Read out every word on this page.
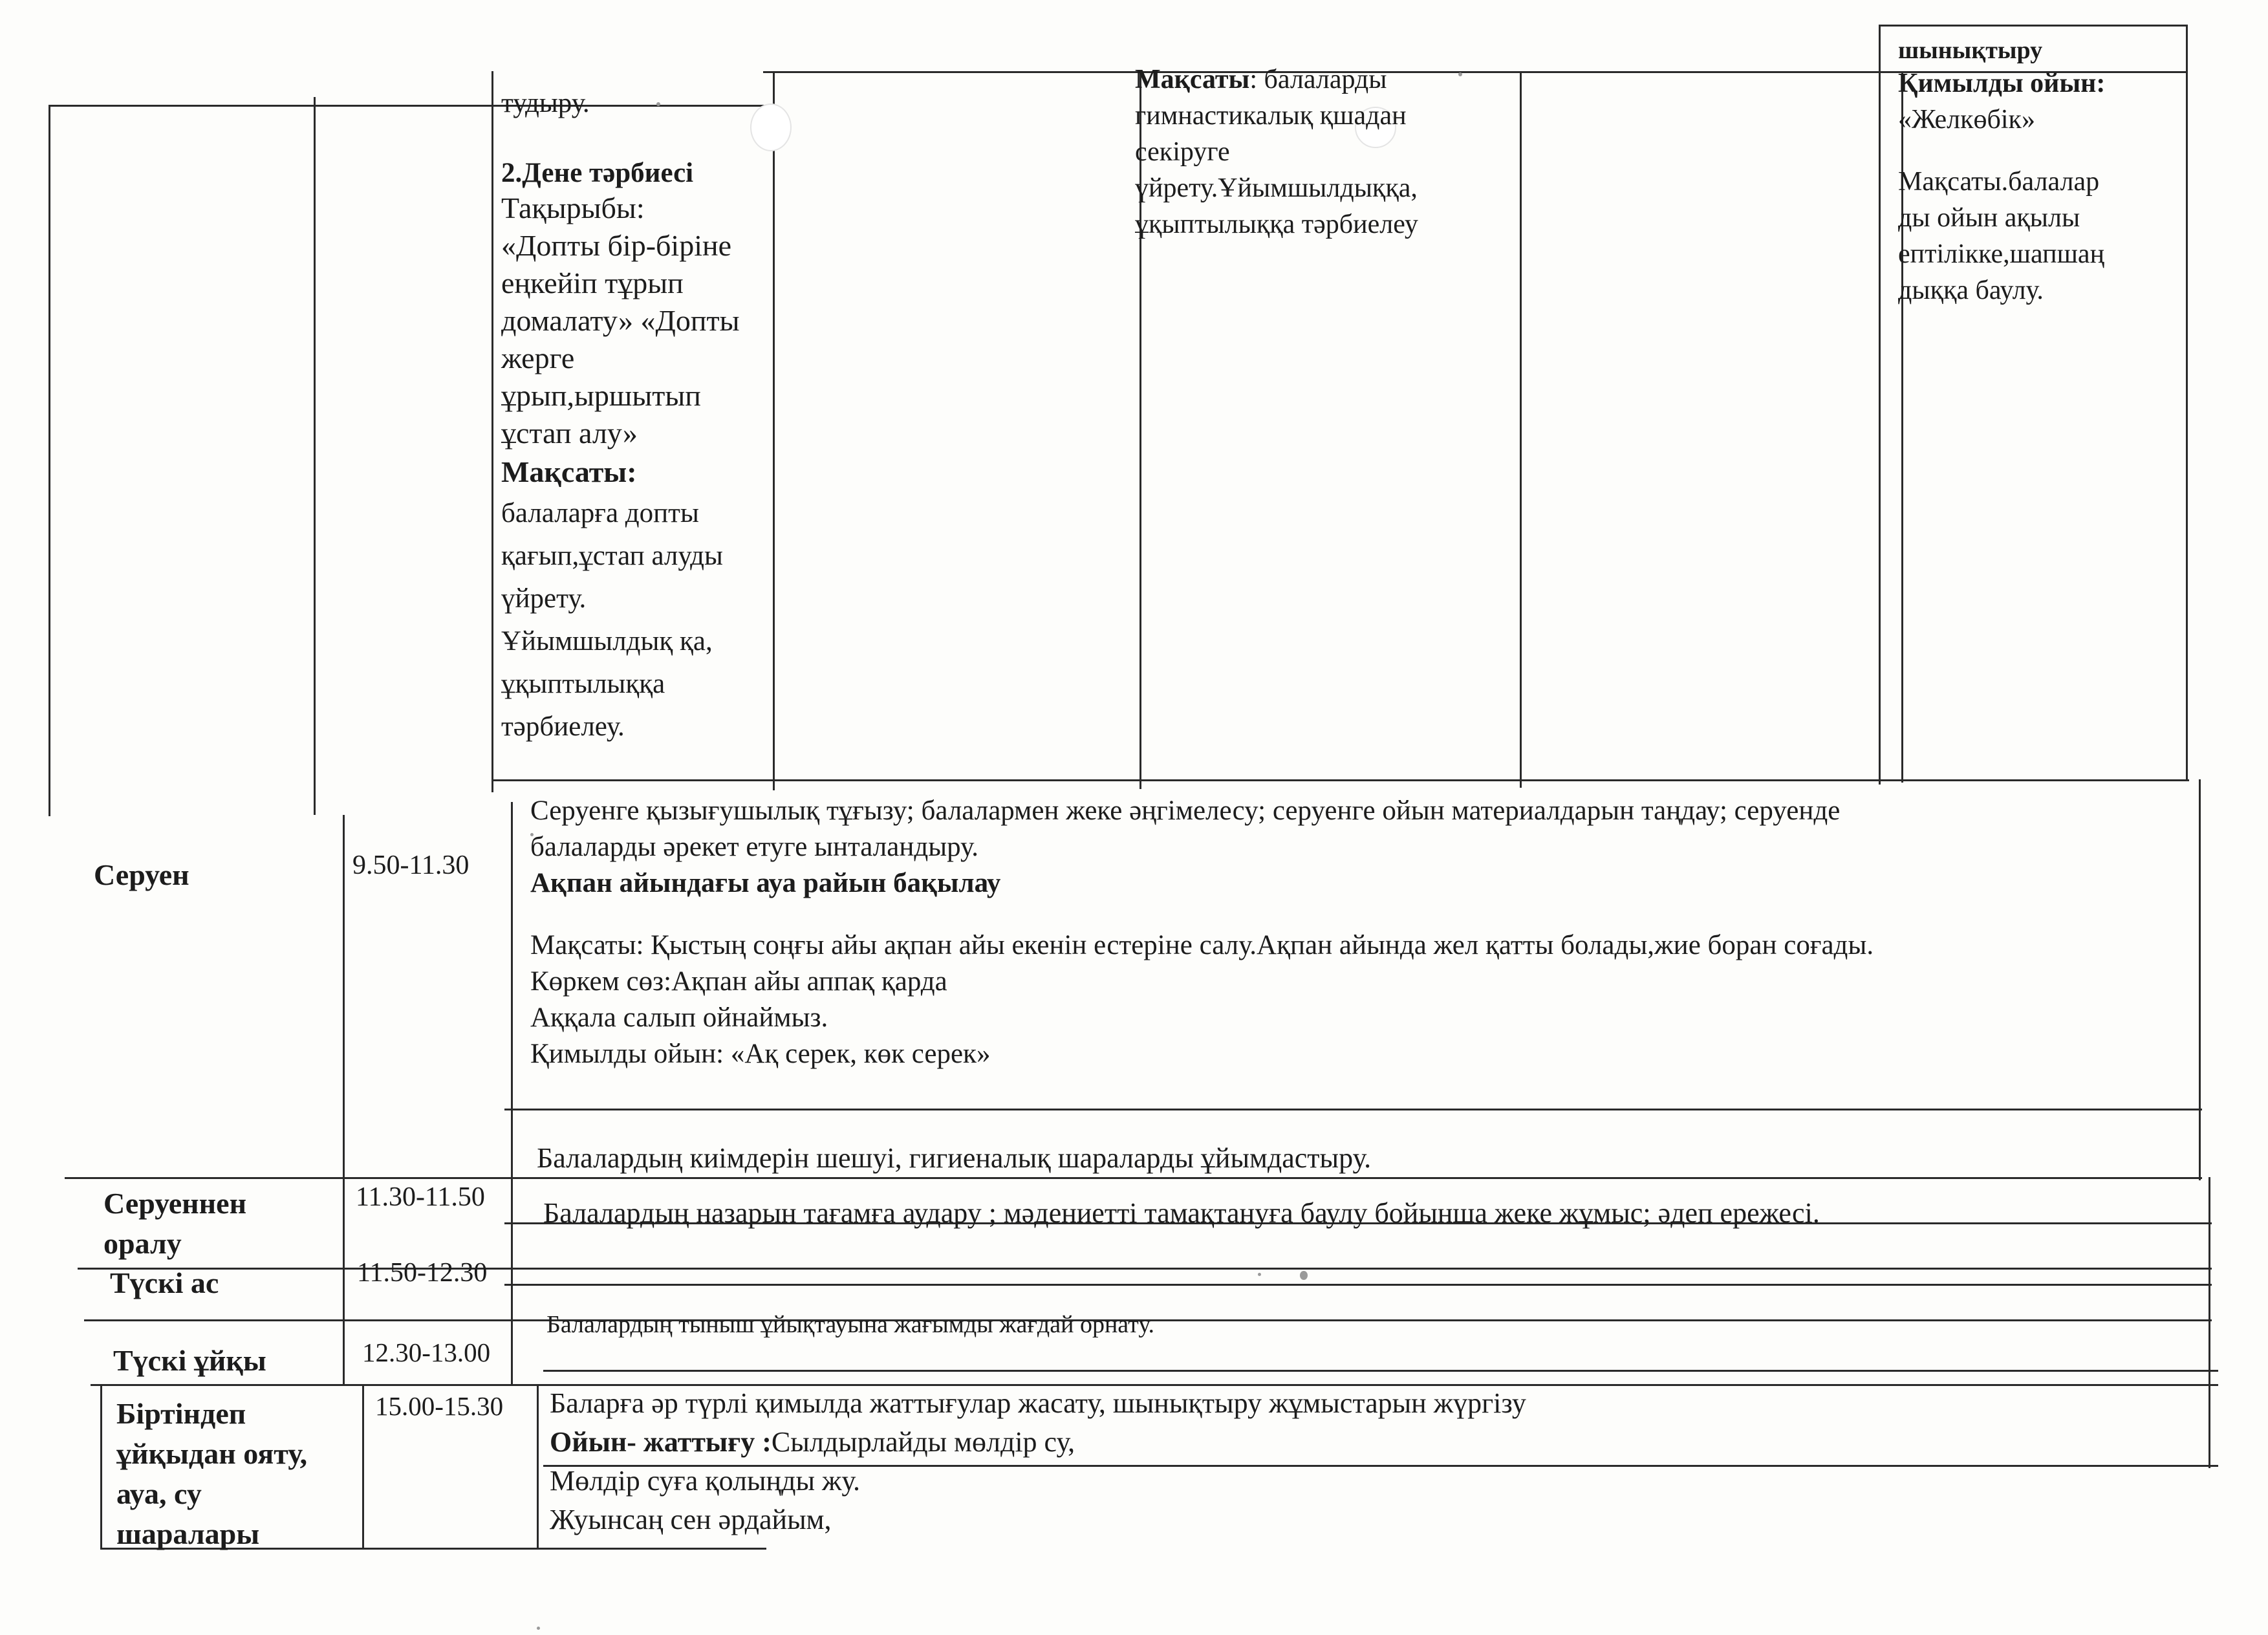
тудыру.
2.Дене тәрбиесі
Тақырыбы:
«Допты бір-біріне
еңкейіп тұрып
домалату» «Допты
жерге
ұрып,ыршытып
ұстап алу»
Мақсаты:
балаларға допты
қағып,ұстап алуды
үйрету.
Ұйымшылдық қа,
ұқыптылыққа
тәрбиелеу.
Мақсаты: балаларды
гимнастикалық қшадан
секіруге
үйрету.Ұйымшылдыққа,
ұқыптылыққа тәрбиелеу
шынықтыру
Қимылды ойын:
«Желкөбік»
Мақсаты.балалар
ды ойын ақылы
ептілікке,шапшаң
дыққа баулу.
Серуен	9.50-11.30
Серуенге қызығушылық тұғызу; балалармен жеке әңгімелесу; серуенге ойын материалдарын таңдау; серуенде
балаларды әрекет етуге ынталандыру.
Ақпан айындағы ауа райын бақылау
Мақсаты: Қыстың соңғы айы ақпан айы екенін естеріне салу.Ақпан айында жел қатты болады,жие боран соғады.
Көркем сөз:Ақпан айы аппақ қарда
Аққала салып ойнаймыз.
Қимылды ойын: «Ақ серек, көк серек»
Серуеннен
оралу
11.30-11.50
Балалардың киімдерін шешуі, гигиеналық шараларды ұйымдастыру.
Түскі ас	11.50-12.30
Балалардың назарын тағамға аудару ; мәдениетті тамақтануға баулу бойынша жеке жұмыс; әдеп ережесі.
Түскі ұйқы	12.30-13.00
Балалардың тыныш ұйықтауына жағымды жағдай орнату.
Біртіндеп
ұйқыдан ояту,
ауа, су
шаралары
15.00-15.30 Баларға әр түрлі қимылда жаттығулар жасату, шынықтыру жұмыстарын жүргізу
Ойын- жаттығу :Сылдырлайды мөлдір су,
Мөлдір суға қолыңды жу.
Жуынсаң сен әрдайым,
